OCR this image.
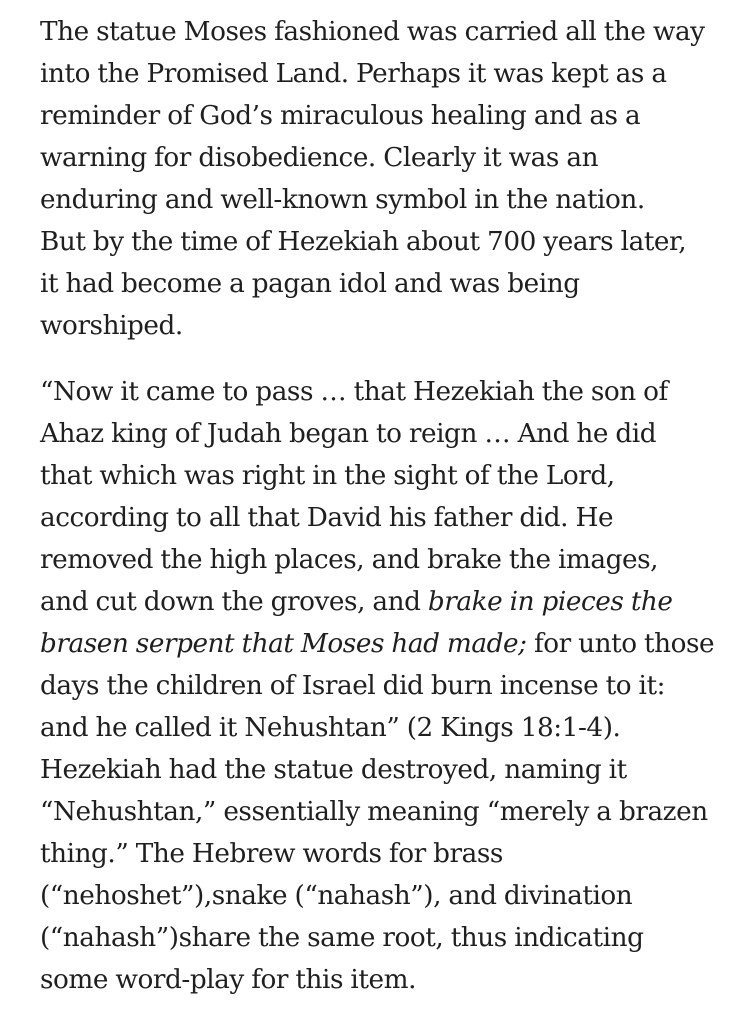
The statue Moses fashioned was carried all the way
into the Promised Land. Perhaps it was kept as a
reminder of God’s miraculous healing and as a
warning for disobedience. Clearly it was an
enduring and well-known symbol in the nation.
But by the time of Hezekiah about 700 years later,
it had become a pagan idol and was being
worshiped.

“Now it came to pass … that Hezekiah the son of
Ahaz king of Judah began to reign … And he did
that which was right in the sight of the Lord,
according to all that David his father did. He
removed the high places, and brake the images,
and cut down the groves, and brake in pieces the
brasen serpent that Moses had made; for unto those
days the children of Israel did burn incense to it:
and he called it Nehushtan” (2 Kings 18:1-4).
Hezekiah had the statue destroyed, naming it
“Nehushtan,” essentially meaning “merely a brazen
thing.” The Hebrew words for brass
(“nehoshet”),snake (“nahash”), and divination
(“nahash”)share the same root, thus indicating
some word-play for this item.
